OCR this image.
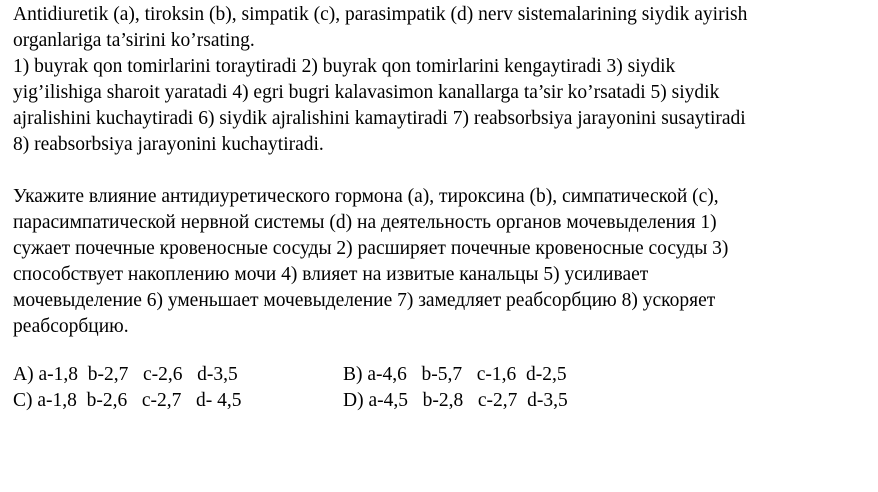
Antidiuretik (a), tiroksin (b), simpatik (c), parasimpatik (d) nerv sistemalarining siydik ayirish
organlariga ta’sirini ko’rsating.
1) buyrak qon tomirlarini toraytiradi 2) buyrak qon tomirlarini kengaytiradi 3) siydik
yig’ilishiga sharoit yaratadi 4) egri bugri kalavasimon kanallarga ta’sir ko’rsatadi 5) siydik
ajralishini kuchaytiradi 6) siydik ajralishini kamaytiradi 7) reabsorbsiya jarayonini susaytiradi
8) reabsorbsiya jarayonini kuchaytiradi.
Укажите влияние антидиуретического гормона (а), тироксина (b), симпатической (с),
парасимпатической нервной системы (d) на деятельность органов мочевыделения 1)
сужает почечные кровеносные сосуды 2) расширяет почечные кровеносные сосуды 3)
способствует накоплению мочи 4) влияет на извитые канальцы 5) усиливает
мочевыделение 6) уменьшает мочевыделение 7) замедляет реабсорбцию 8) ускоряет
реабсорбцию.

A) a-1,8  b-2,7   c-2,6   d-3,5

	B) a-4,6   b-5,7   c-1,6  d-2,5

C) a-1,8  b-2,6   c-2,7   d- 4,5

	D) a-4,5   b-2,8   c-2,7  d-3,5
